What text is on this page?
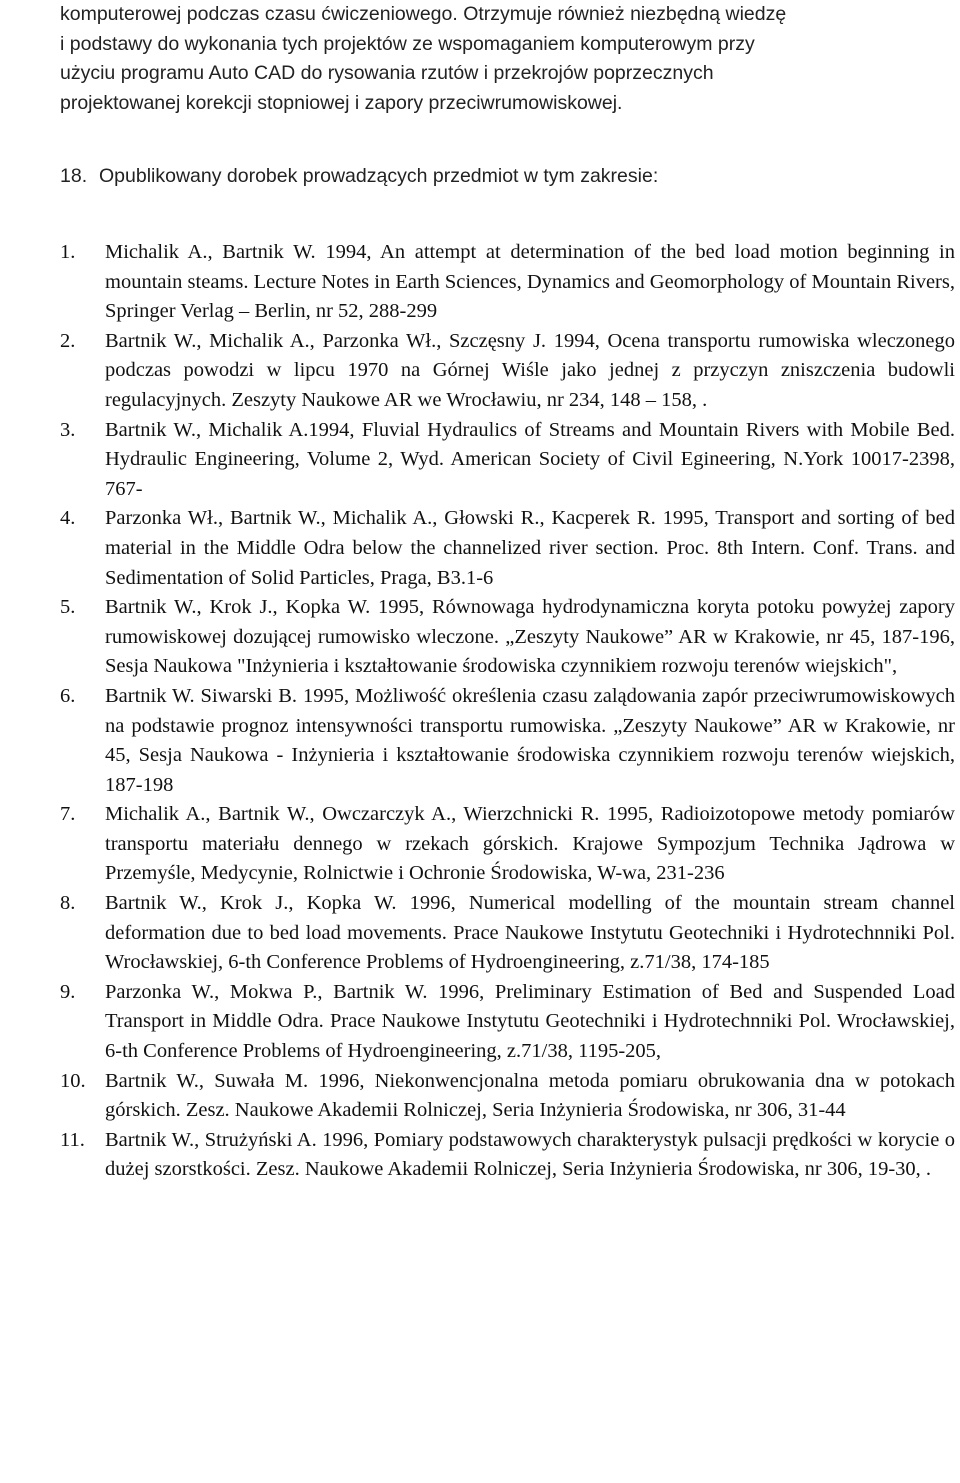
komputerowej podczas czasu ćwiczeniowego. Otrzymuje również niezbędną wiedzę
i podstawy do wykonania tych projektów ze wspomaganiem komputerowym przy
użyciu programu Auto CAD do rysowania rzutów i przekrojów poprzecznych
projektowanej korekcji stopniowej i zapory przeciwrumowiskowej.

18. Opublikowany dorobek prowadzących przedmiot w tym zakresie:
1. Michalik A., Bartnik W. 1994, An attempt at determination of the bed load motion beginning in mountain steams. Lecture Notes in Earth Sciences, Dynamics and Geomorphology of Mountain Rivers, Springer Verlag – Berlin, nr 52, 288-299
2. Bartnik W., Michalik A., Parzonka Wł., Szczęsny J. 1994, Ocena transportu rumowiska wleczonego podczas powodzi w lipcu 1970 na Górnej Wiśle jako jednej z przyczyn zniszczenia budowli regulacyjnych. Zeszyty Naukowe AR we Wrocławiu, nr 234, 148 – 158, .
3. Bartnik W., Michalik A.1994, Fluvial Hydraulics of Streams and Mountain Rivers with Mobile Bed. Hydraulic Engineering, Volume 2, Wyd. American Society of Civil Egineering, N.York 10017-2398, 767-
4. Parzonka Wł., Bartnik W., Michalik A., Głowski R., Kacperek R. 1995, Transport and sorting of bed material in the Middle Odra below the channelized river section. Proc. 8th Intern. Conf. Trans. and Sedimentation of Solid Particles, Praga, B3.1-6
5. Bartnik W., Krok J., Kopka W. 1995, Równowaga hydrodynamiczna koryta potoku powyżej zapory rumowiskowej dozującej rumowisko wleczone. „Zeszyty Naukowe” AR w Krakowie, nr 45, 187-196, Sesja Naukowa "Inżynieria i kształtowanie środowiska czynnikiem rozwoju terenów wiejskich",
6. Bartnik W. Siwarski B. 1995, Możliwość określenia czasu zalądowania zapór przeciwrumowiskowych na podstawie prognoz intensywności transportu rumowiska. „Zeszyty Naukowe” AR w Krakowie, nr 45, Sesja Naukowa - Inżynieria i kształtowanie środowiska czynnikiem rozwoju terenów wiejskich, 187-198
7. Michalik A., Bartnik W., Owczarczyk A., Wierzchnicki R. 1995, Radioizotopowe metody pomiarów transportu materiału dennego w rzekach górskich. Krajowe Sympozjum Technika Jądrowa w Przemyśle, Medycynie, Rolnictwie i Ochronie Środowiska, W-wa, 231-236
8. Bartnik W., Krok J., Kopka W. 1996, Numerical modelling of the mountain stream channel deformation due to bed load movements. Prace Naukowe Instytutu Geotechniki i Hydrotechnniki Pol. Wrocławskiej, 6-th Conference Problems of Hydroengineering, z.71/38, 174-185
9. Parzonka W., Mokwa P., Bartnik W. 1996, Preliminary Estimation of Bed and Suspended Load Transport in Middle Odra. Prace Naukowe Instytutu Geotechniki i Hydrotechnniki Pol. Wrocławskiej, 6-th Conference Problems of Hydroengineering, z.71/38, 1195-205,
10. Bartnik W., Suwała M. 1996, Niekonwencjonalna metoda pomiaru obrukowania dna w potokach górskich. Zesz. Naukowe Akademii Rolniczej, Seria Inżynieria Środowiska, nr 306, 31-44
11. Bartnik W., Strużyński A. 1996, Pomiary podstawowych charakterystyk pulsacji prędkości w korycie o dużej szorstkości. Zesz. Naukowe Akademii Rolniczej, Seria Inżynieria Środowiska, nr 306, 19-30, .
